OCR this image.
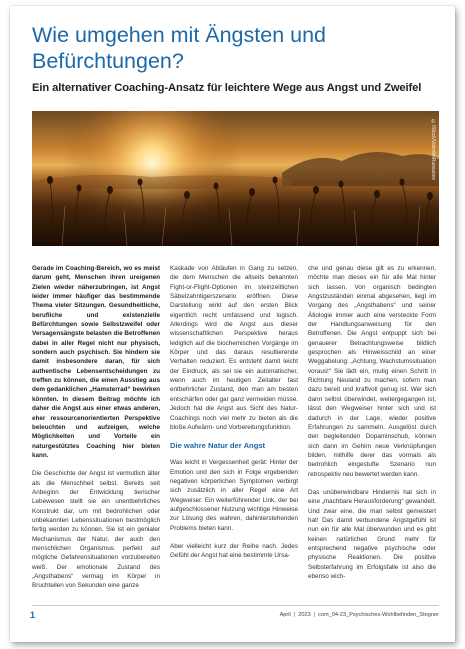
Wie umgehen mit Ängsten und Befürchtungen?
Ein alternativer Coaching-Ansatz für leichtere Wege aus Angst und Zweifel
©iStock/ValentinRussanov

Gerade im Coaching-Bereich, wo es meist darum geht, Menschen ihren ureigenen Zielen wieder näherzubringen, ist Angst leider immer häufiger das bestimmende Thema vieler Sitzungen. Gesundheitliche, berufliche und existenzielle Befürchtungen sowie Selbstzweifel oder Versagensängste belasten die Betroffenen dabei in aller Regel nicht nur physisch, sondern auch psychisch. Sie hindern sie damit insbesondere daran, für sich authentische Lebensentscheidungen zu treffen zu können, die einen Ausstieg aus dem gedanklichen „Hamsterrad“ bewirken könnten. In diesem Beitrag möchte ich daher die Angst aus einer etwas anderen, eher ressourcenorientierten Perspektive beleuchten und aufzeigen, welche Möglichkeiten und Vorteile ein naturgestütztes Coaching hier bieten kann.

Die Geschichte der Angst ist vermutlich älter als die Menschheit selbst. Bereits seit Anbeginn der Entwicklung tierischer Lebewesen stellt sie ein unentbehrliches Konstrukt dar, um mit bedrohlichen oder unbekannten Lebenssituationen bestmöglich fertig werden zu können. Sie ist ein genialer Mechanismus der Natur, der auch den menschlichen Organismus perfekt auf mögliche Gefahrensituationen vorzubereiten weiß. Der emotionale Zustand des „Angsthabens“ vermag im Körper in Bruchteilen von Sekunden eine ganze

Kaskade von Abläufen in Gang zu setzen, die dem Menschen die allseits bekannten Fight-or-Flight-Optionen im steinzeitlichen Säbelzahntigerszenario eröffnen. Diese Darstellung wirkt auf den ersten Blick eigentlich recht umfassend und logisch. Allerdings wird die Angst aus dieser wissenschaftlichen Perspektive heraus lediglich auf die biochemischen Vorgänge im Körper und das daraus resultierende Verhalten reduziert. Es entsteht damit leicht der Eindruck, als sei sie ein automatischer, wenn auch im heutigen Zeitalter fast entbehrlicher Zustand, den man am besten entschärfen oder gar ganz vermeiden müsse. Jedoch hat die Angst aus Sicht des Natur-Coachings noch viel mehr zu bieten als die bloße Aufwärm- und Vorbereitungsfunktion.

Die wahre Natur der Angst

Was leicht in Vergessenheit gerät: Hinter der Emotion und den sich in Folge ergebenden negativen körperlichen Symptomen verbirgt sich zusätzlich in aller Regel eine Art Wegweiser. Ein weiterführender Link, der bei aufgeschlossener Nutzung wichtige Hinweise zur Lösung des wahren, dahinterstehenden Problems bieten kann.

Aber vielleicht kurz der Reihe nach. Jedes Gefühl der Angst hat eine bestimmte Ursa-

che und genau diese gilt es zu erkennen, möchte man dieses ein für alle Mal hinter sich lassen. Von organisch bedingten Angstzuständen einmal abgesehen, liegt im Vorgang des „Angsthabens“ und seiner Ätiologie immer auch eine versteckte Form der Handlungsanweisung für den Betroffenen. Die Angst entpuppt sich bei genauerer Betrachtungsweise bildlich gesprochen als Hinweisschild an einer Weggabelung: „Achtung, Wachstumssituation voraus!“ Sie lädt ein, mutig einen Schritt in Richtung Neuland zu machen, sofern man dazu bereit und kraftvoll genug ist. Wer sich dann selbst überwindet, weitergegangen ist, lässt den Wegweiser hinter sich und ist dadurch in der Lage, wieder positive Erfahrungen zu sammeln. Ausgelöst durch den begleitenden Dopaminschub, können sich dann im Gehirn neue Verknüpfungen bilden, mithilfe derer das vormals als bedrohlich eingestufte Szenario nun retrospektiv neu bewertet werden kann.

Das unüberwindbare Hindernis hat sich in eine „machbare Herausforderung“ gewandelt. Und zwar eine, die man selbst gemeistert hat! Das damit verbundene Angstgefühl ist nun ein für alle Mal überwunden und es gibt keinen natürlichen Grund mehr für entsprechend negative psychische oder physische Reaktionen. Die positive Selbsterfahrung im Erfolgsfalle ist also die ebenso wich-

1	April | 2023 | com_04-23_Psychisches-Wohlbefinden_Stegner
